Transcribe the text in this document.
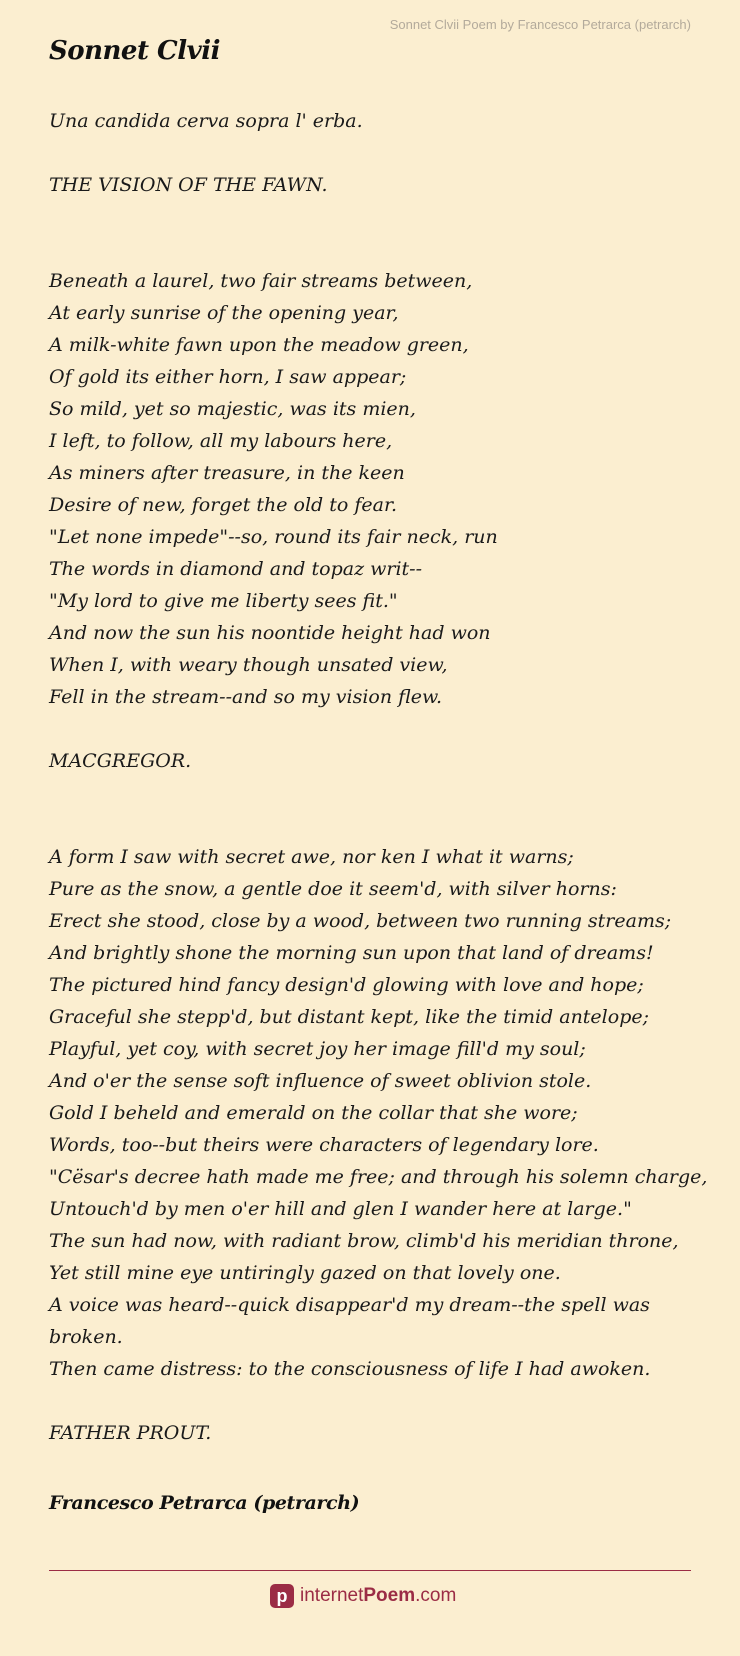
Sonnet Clvii Poem by Francesco Petrarca (petrarch)
Sonnet Clvii
Una candida cerva sopra l' erba.
THE VISION OF THE FAWN.
Beneath a laurel, two fair streams between,
At early sunrise of the opening year,
A milk-white fawn upon the meadow green,
Of gold its either horn, I saw appear;
So mild, yet so majestic, was its mien,
I left, to follow, all my labours here,
As miners after treasure, in the keen
Desire of new, forget the old to fear.
"Let none impede"--so, round its fair neck, run
The words in diamond and topaz writ--
"My lord to give me liberty sees fit."
And now the sun his noontide height had won
When I, with weary though unsated view,
Fell in the stream--and so my vision flew.
MACGREGOR.
A form I saw with secret awe, nor ken I what it warns;
Pure as the snow, a gentle doe it seem'd, with silver horns:
Erect she stood, close by a wood, between two running streams;
And brightly shone the morning sun upon that land of dreams!
The pictured hind fancy design'd glowing with love and hope;
Graceful she stepp'd, but distant kept, like the timid antelope;
Playful, yet coy, with secret joy her image fill'd my soul;
And o'er the sense soft influence of sweet oblivion stole.
Gold I beheld and emerald on the collar that she wore;
Words, too--but theirs were characters of legendary lore.
"Cësar's decree hath made me free; and through his solemn charge,
Untouch'd by men o'er hill and glen I wander here at large."
The sun had now, with radiant brow, climb'd his meridian throne,
Yet still mine eye untiringly gazed on that lovely one.
A voice was heard--quick disappear'd my dream--the spell was broken.
Then came distress: to the consciousness of life I had awoken.
FATHER PROUT.
Francesco Petrarca (petrarch)
p internetPoem.com
